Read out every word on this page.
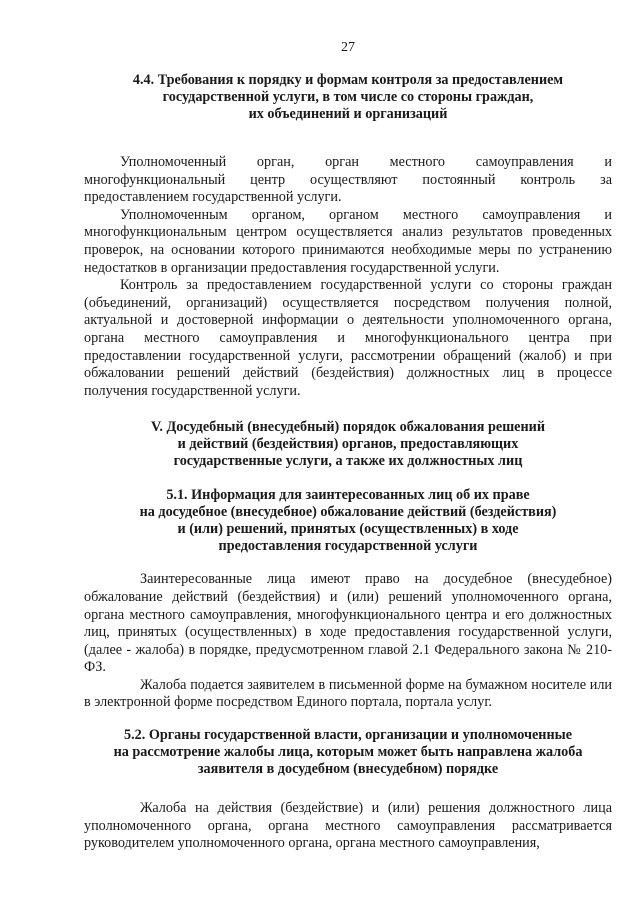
27
4.4. Требования к порядку и формам контроля за предоставлением
государственной услуги, в том числе со стороны граждан,
их объединений и организаций

Уполномоченный орган, орган местного самоуправления и многофункциональный центр осуществляют постоянный контроль за предоставлением государственной услуги.

Уполномоченным органом, органом местного самоуправления и многофункциональным центром осуществляется анализ результатов проведенных проверок, на основании которого принимаются необходимые меры по устранению недостатков в организации предоставления государственной услуги.

Контроль за предоставлением государственной услуги со стороны граждан (объединений, организаций) осуществляется посредством получения полной, актуальной и достоверной информации о деятельности уполномоченного органа, органа местного самоуправления и многофункционального центра при предоставлении государственной услуги, рассмотрении обращений (жалоб) и при обжаловании решений действий (бездействия) должностных лиц в процессе получения государственной услуги.

V. Досудебный (внесудебный) порядок обжалования решений
и действий (бездействия) органов, предоставляющих
государственные услуги, а также их должностных лиц
5.1. Информация для заинтересованных лиц об их праве
на досудебное (внесудебное) обжалование действий (бездействия)
и (или) решений, принятых (осуществленных) в ходе
предоставления государственной услуги

Заинтересованные лица имеют право на досудебное (внесудебное) обжалование действий (бездействия) и (или) решений уполномоченного органа, органа местного самоуправления, многофункционального центра и его должностных лиц, принятых (осуществленных) в ходе предоставления государственной услуги, (далее - жалоба) в порядке, предусмотренном главой 2.1 Федерального закона № 210-ФЗ.

Жалоба подается заявителем в письменной форме на бумажном носителе или в электронной форме посредством Единого портала, портала услуг.

5.2. Органы государственной власти, организации и уполномоченные
на рассмотрение жалобы лица, которым может быть направлена жалоба
заявителя в досудебном (внесудебном) порядке

Жалоба на действия (бездействие) и (или) решения должностного лица уполномоченного органа, органа местного самоуправления рассматривается руководителем уполномоченного органа, органа местного самоуправления,
